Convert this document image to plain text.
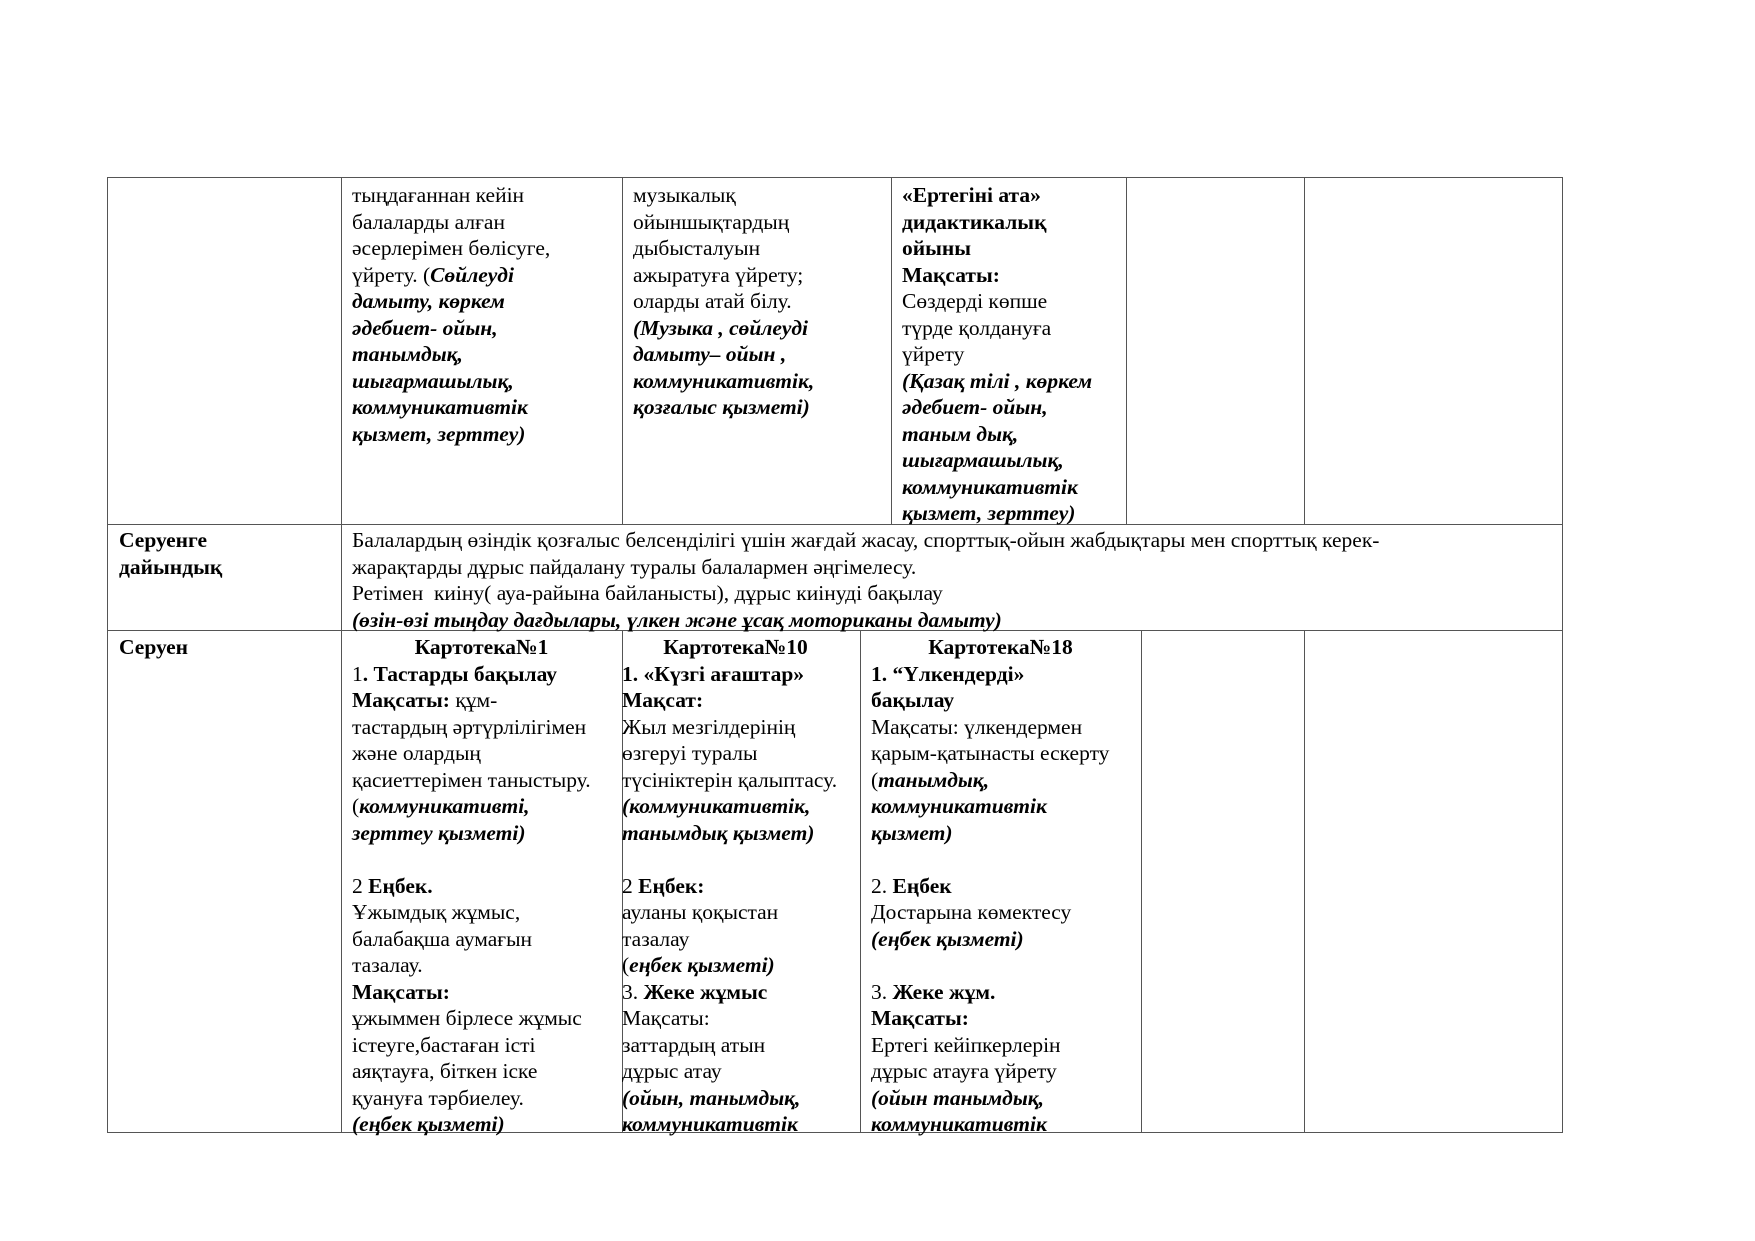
тыңдағаннан кейін
балаларды алған
әсерлерімен бөлісуге,
үйрету. (Сөйлеуді
дамыту, көркем
әдебиет- ойын,
танымдық,
шығармашылық,
коммуникативтік
қызмет, зерттеу)
музыкалық
ойыншықтардың
дыбысталуын
ажыратуға үйрету;
оларды атай білу.
(Музыка , сөйлеуді
дамыту– ойын ,
коммуникативтік,
қозғалыс қызметі)
«Ертегіні ата»
дидактикалық
ойыны
Мақсаты:
Сөздерді көпше
түрде қолдануға
үйрету
(Қазақ тілі , көркем
әдебиет- ойын,
таным дық,
шығармашылық,
коммуникативтік
қызмет, зерттеу)
Серуенге
дайындық
Балалардың өзіндік қозғалыс белсенділігі үшін жағдай жасау, спорттық-ойын жабдықтары мен спорттық керек-
жарақтарды дұрыс пайдалану туралы балалармен әңгімелесу.
Ретімен  киіну( ауа-райына байланысты), дұрыс киінуді бақылау
(өзін-өзі тыңдау дағдылары, үлкен және ұсақ моториканы дамыту)
Серуен	Картотека№1
1. Тастарды бақылау
Мақсаты: құм-
тастардың әртүрлілігімен
және олардың
қасиеттерімен таныстыру.
(коммуникативті,
зерттеу қызметі)

2 Еңбек.
Ұжымдық жұмыс,
балабақша аумағын
тазалау.
Мақсаты:
ұжыммен бірлесе жұмыс
істеуге,бастаған істі
аяқтауға, біткен іске
қуануға тәрбиелеу.
(еңбек қызметі)
Картотека№10
1. «Күзгі ағаштар»
Мақсат:
Жыл мезгілдерінің
өзгеруі туралы
түсініктерін қалыптасу.
(коммуникативтік,
танымдық қызмет)

2 Еңбек:
ауланы қоқыстан
тазалау
(еңбек қызметі)
3. Жеке жұмыс
Мақсаты:
заттардың атын
дұрыс атау
(ойын, танымдық,
коммуникативтік
Картотека№18
1. “Үлкендерді»
бақылау
Мақсаты: үлкендермен
қарым-қатынасты ескерту
(танымдық,
коммуникативтік
қызмет)

2. Еңбек
Достарына көмектесу
(еңбек қызметі)

3. Жеке жұм.
Мақсаты:
Ертегі кейіпкерлерін
дұрыс атауға үйрету
(ойын танымдық,
коммуникативтік
